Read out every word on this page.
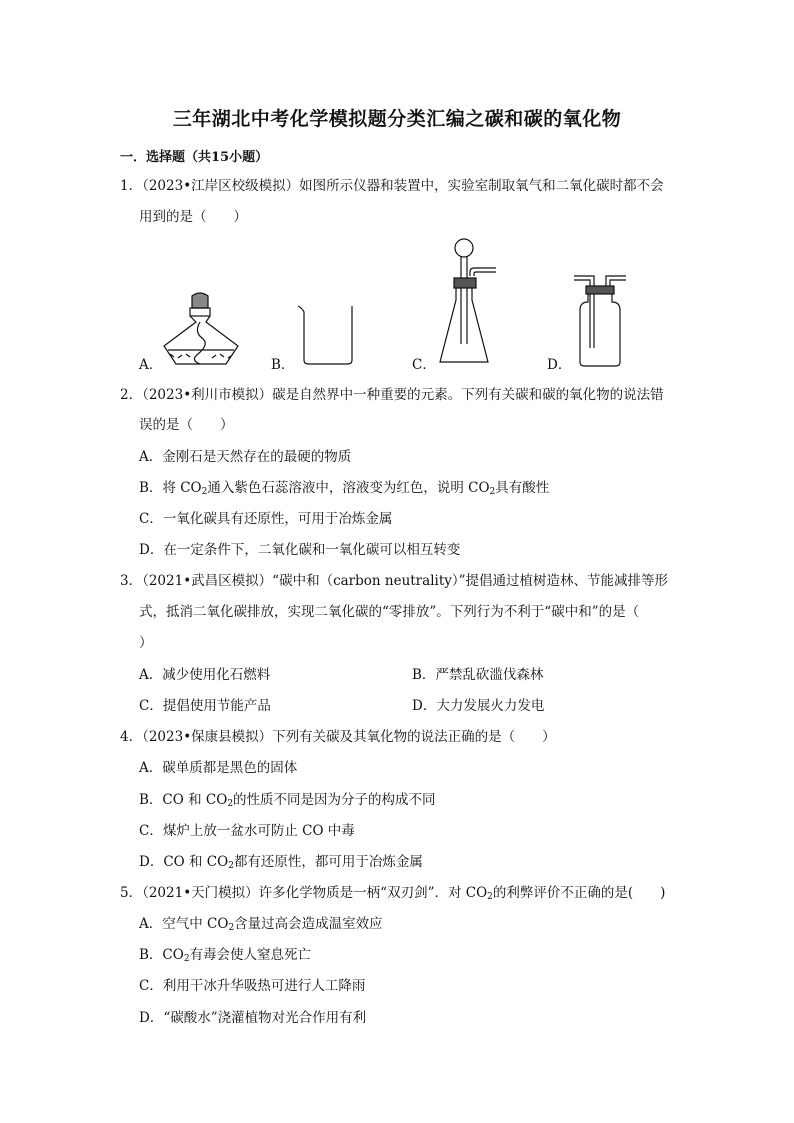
三年湖北中考化学模拟题分类汇编之碳和碳的氧化物
一．选择题（共15小题）
1．（2023•江岸区校级模拟）如图所示仪器和装置中，实验室制取氧气和二氧化碳时都不会
用到的是（　　）
A．	B．	C．	D．
2．（2023•利川市模拟）碳是自然界中一种重要的元素。下列有关碳和碳的氧化物的说法错
误的是（　　）
A．金刚石是天然存在的最硬的物质
B．将 $CO_2$通入紫色石蕊溶液中，溶液变为红色，说明 $CO_2$具有酸性
C．一氧化碳具有还原性，可用于冶炼金属
D．在一定条件下，二氧化碳和一氧化碳可以相互转变
3．（2021•武昌区模拟）“碳中和（carbon neutrality）”提倡通过植树造林、节能减排等形
式，抵消二氧化碳排放，实现二氧化碳的“零排放”。下列行为不利于“碳中和”的是（
）
A．减少使用化石燃料	B．严禁乱砍滥伐森林
C．提倡使用节能产品	D．大力发展火力发电
4．（2023•保康县模拟）下列有关碳及其氧化物的说法正确的是（　　）
A．碳单质都是黑色的固体
B．CO 和 $CO_2$的性质不同是因为分子的构成不同
C．煤炉上放一盆水可防止 CO 中毒
D．CO 和 $CO_2$都有还原性，都可用于冶炼金属
5．（2021•天门模拟）许多化学物质是一柄“双刃剑”．对 $CO_2$的利弊评价不正确的是(　　)
A．空气中 $CO_2$含量过高会造成温室效应
B．$CO_2$有毒会使人窒息死亡
C．利用干冰升华吸热可进行人工降雨
D．“碳酸水”浇灌植物对光合作用有利
